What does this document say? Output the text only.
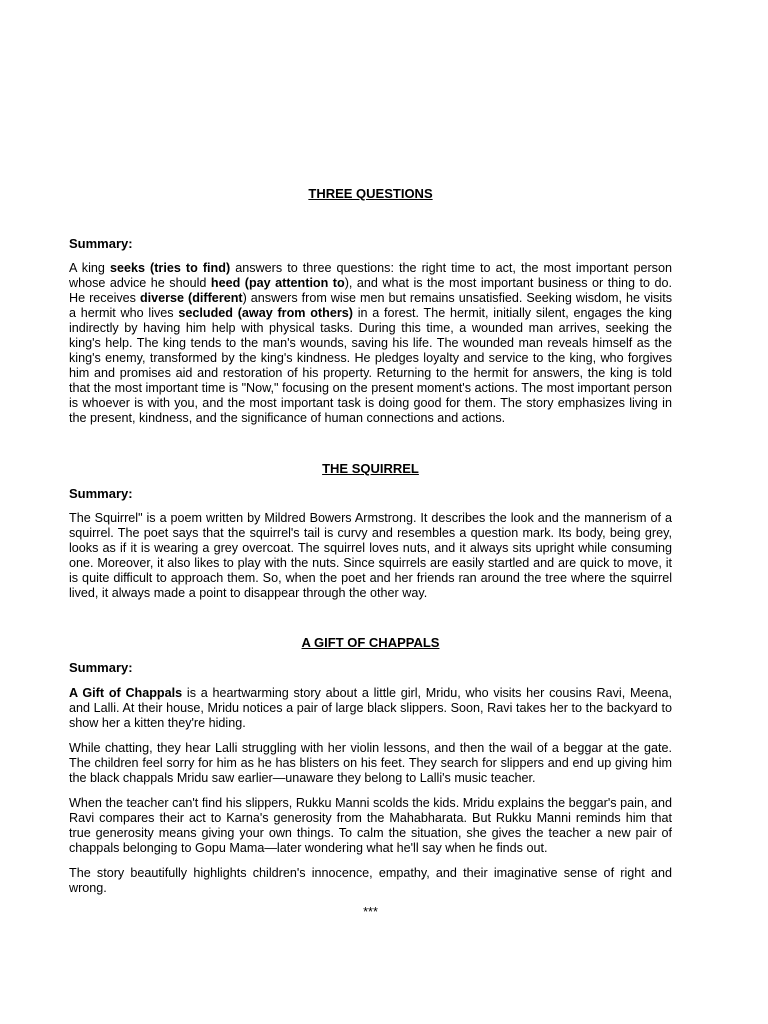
THREE QUESTIONS
Summary:

A king seeks (tries to find) answers to three questions: the right time to act, the most important person whose advice he should heed (pay attention to), and what is the most important business or thing to do. He receives diverse (different) answers from wise men but remains unsatisfied. Seeking wisdom, he visits a hermit who lives secluded (away from others) in a forest. The hermit, initially silent, engages the king indirectly by having him help with physical tasks. During this time, a wounded man arrives, seeking the king's help. The king tends to the man's wounds, saving his life. The wounded man reveals himself as the king's enemy, transformed by the king's kindness. He pledges loyalty and service to the king, who forgives him and promises aid and restoration of his property. Returning to the hermit for answers, the king is told that the most important time is "Now," focusing on the present moment's actions. The most important person is whoever is with you, and the most important task is doing good for them. The story emphasizes living in the present, kindness, and the significance of human connections and actions.

THE SQUIRREL
Summary:

The Squirrel" is a poem written by Mildred Bowers Armstrong. It describes the look and the mannerism of a squirrel. The poet says that the squirrel's tail is curvy and resembles a question mark. Its body, being grey, looks as if it is wearing a grey overcoat. The squirrel loves nuts, and it always sits upright while consuming one. Moreover, it also likes to play with the nuts. Since squirrels are easily startled and are quick to move, it is quite difficult to approach them. So, when the poet and her friends ran around the tree where the squirrel lived, it always made a point to disappear through the other way.

A GIFT OF CHAPPALS
Summary:

A Gift of Chappals is a heartwarming story about a little girl, Mridu, who visits her cousins Ravi, Meena, and Lalli. At their house, Mridu notices a pair of large black slippers. Soon, Ravi takes her to the backyard to show her a kitten they're hiding.

While chatting, they hear Lalli struggling with her violin lessons, and then the wail of a beggar at the gate. The children feel sorry for him as he has blisters on his feet. They search for slippers and end up giving him the black chappals Mridu saw earlier—unaware they belong to Lalli's music teacher.

When the teacher can't find his slippers, Rukku Manni scolds the kids. Mridu explains the beggar's pain, and Ravi compares their act to Karna's generosity from the Mahabharata. But Rukku Manni reminds him that true generosity means giving your own things. To calm the situation, she gives the teacher a new pair of chappals belonging to Gopu Mama—later wondering what he'll say when he finds out.

The story beautifully highlights children's innocence, empathy, and their imaginative sense of right and wrong.

***
